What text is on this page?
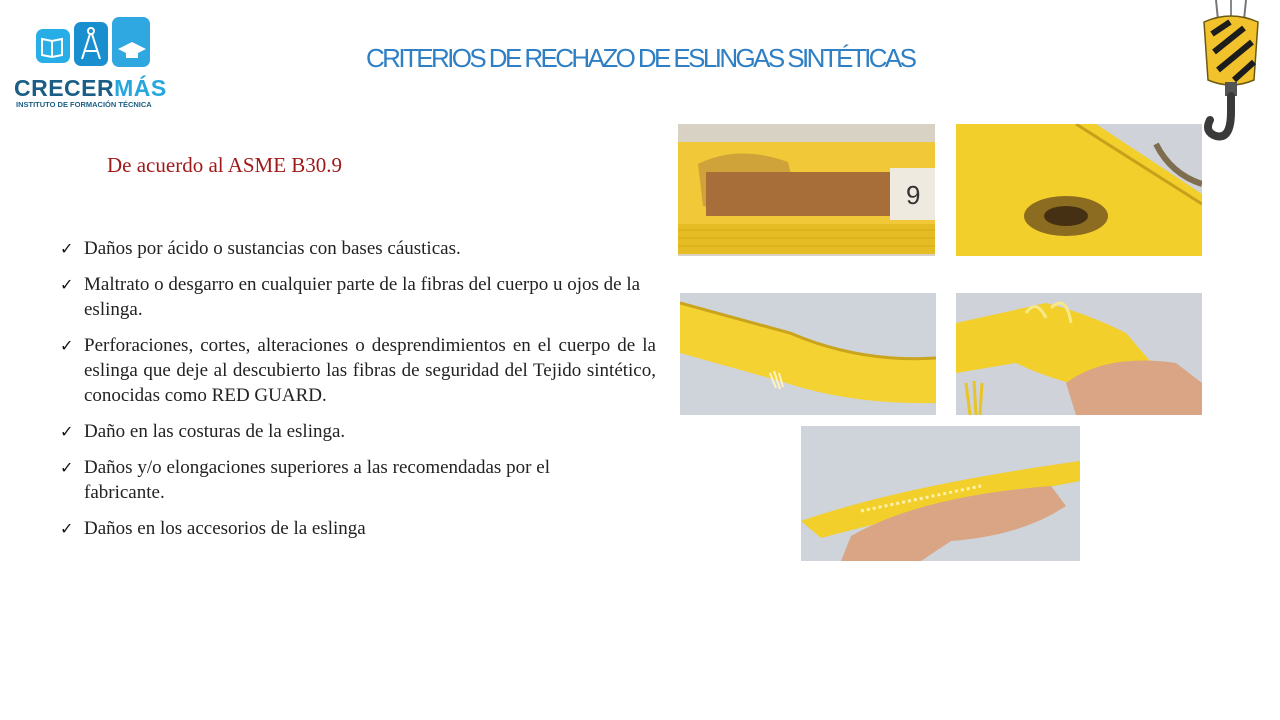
CRECERMÁS
INSTITUTO DE FORMACIÓN TÉCNICA
CRITERIOS DE RECHAZO DE ESLINGAS SINTÉTICAS
De acuerdo al ASME B30.9
✓ Daños por ácido o sustancias con bases cáusticas.
✓ Maltrato o desgarro en cualquier parte de la fibras del cuerpo u ojos de la eslinga.
✓ Perforaciones, cortes, alteraciones o desprendimientos en el cuerpo de la eslinga que deje al descubierto las fibras de seguridad del Tejido sintético, conocidas como RED GUARD.
✓ Daño en las costuras de la eslinga.
✓ Daños y/o elongaciones superiores a las recomendadas por el fabricante.
✓ Daños en los accesorios de la eslinga
9
